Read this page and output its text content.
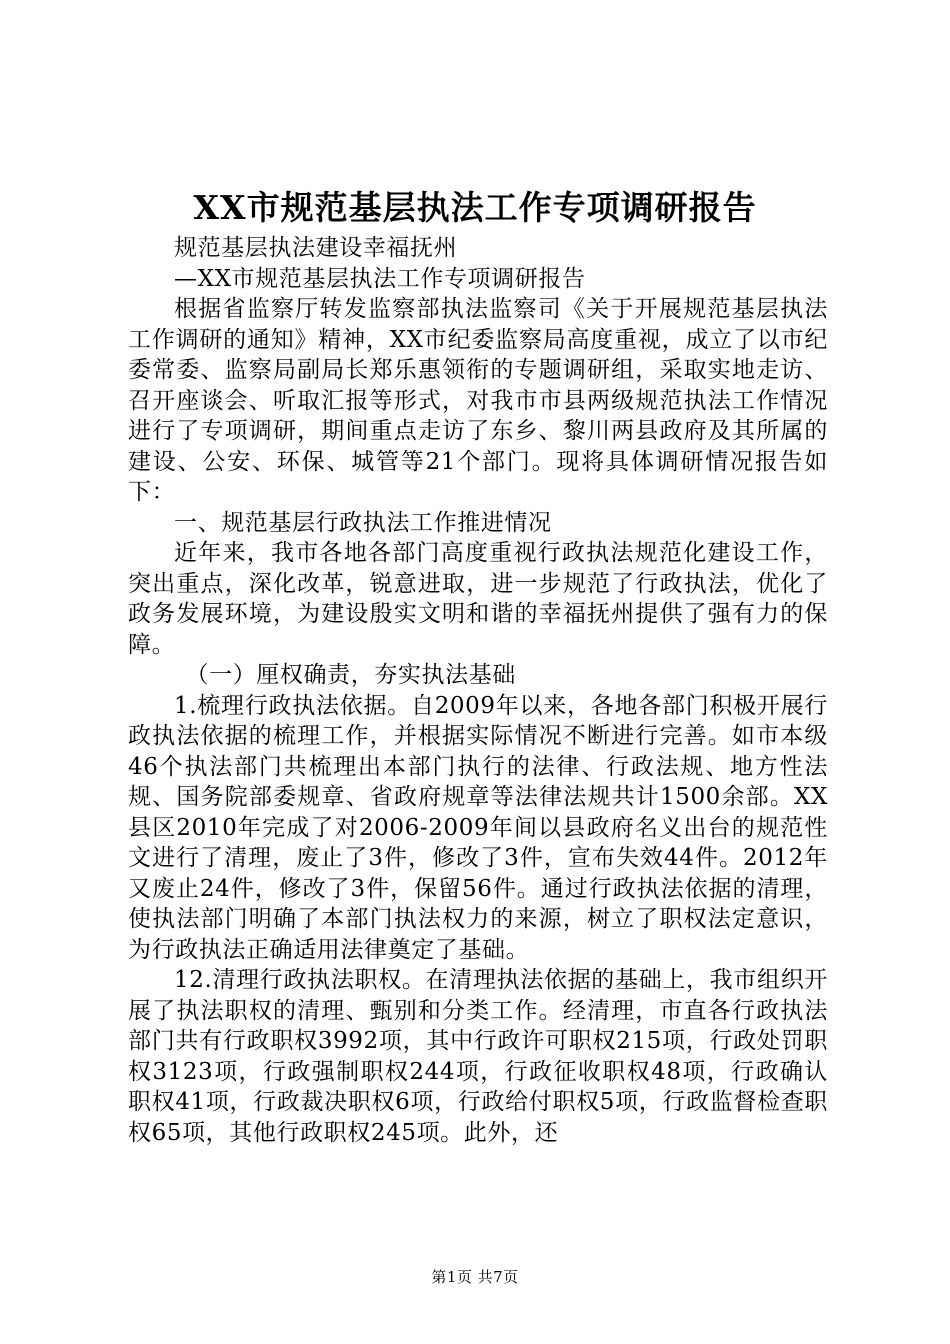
XX市规范基层执法工作专项调研报告

规范基层执法建设幸福抚州

—XX市规范基层执法工作专项调研报告

根据省监察厅转发监察部执法监察司《关于开展规范基层执法工作调研的通知》精神，XX市纪委监察局高度重视，成立了以市纪委常委、监察局副局长郑乐惠领衔的专题调研组，采取实地走访、召开座谈会、听取汇报等形式，对我市市县两级规范执法工作情况进行了专项调研，期间重点走访了东乡、黎川两县政府及其所属的建设、公安、环保、城管等21个部门。现将具体调研情况报告如下：

一、规范基层行政执法工作推进情况

近年来，我市各地各部门高度重视行政执法规范化建设工作，突出重点，深化改革，锐意进取，进一步规范了行政执法，优化了政务发展环境，为建设殷实文明和谐的幸福抚州提供了强有力的保障。

（一）厘权确责，夯实执法基础

1.梳理行政执法依据。自2009年以来，各地各部门积极开展行政执法依据的梳理工作，并根据实际情况不断进行完善。如市本级46个执法部门共梳理出本部门执行的法律、行政法规、地方性法规、国务院部委规章、省政府规章等法律法规共计1500余部。XX县区2010年完成了对2006-2009年间以县政府名义出台的规范性文进行了清理，废止了3件，修改了3件，宣布失效44件。2012年又废止24件，修改了3件，保留56件。通过行政执法依据的清理，使执法部门明确了本部门执法权力的来源，树立了职权法定意识，为行政执法正确适用法律奠定了基础。

12.清理行政执法职权。在清理执法依据的基础上，我市组织开展了执法职权的清理、甄别和分类工作。经清理，市直各行政执法部门共有行政职权3992项，其中行政许可职权215项，行政处罚职权3123项，行政强制职权244项，行政征收职权48项，行政确认职权41项，行政裁决职权6项，行政给付职权5项，行政监督检查职权65项，其他行政职权245项。此外，还

第1页 共7页
